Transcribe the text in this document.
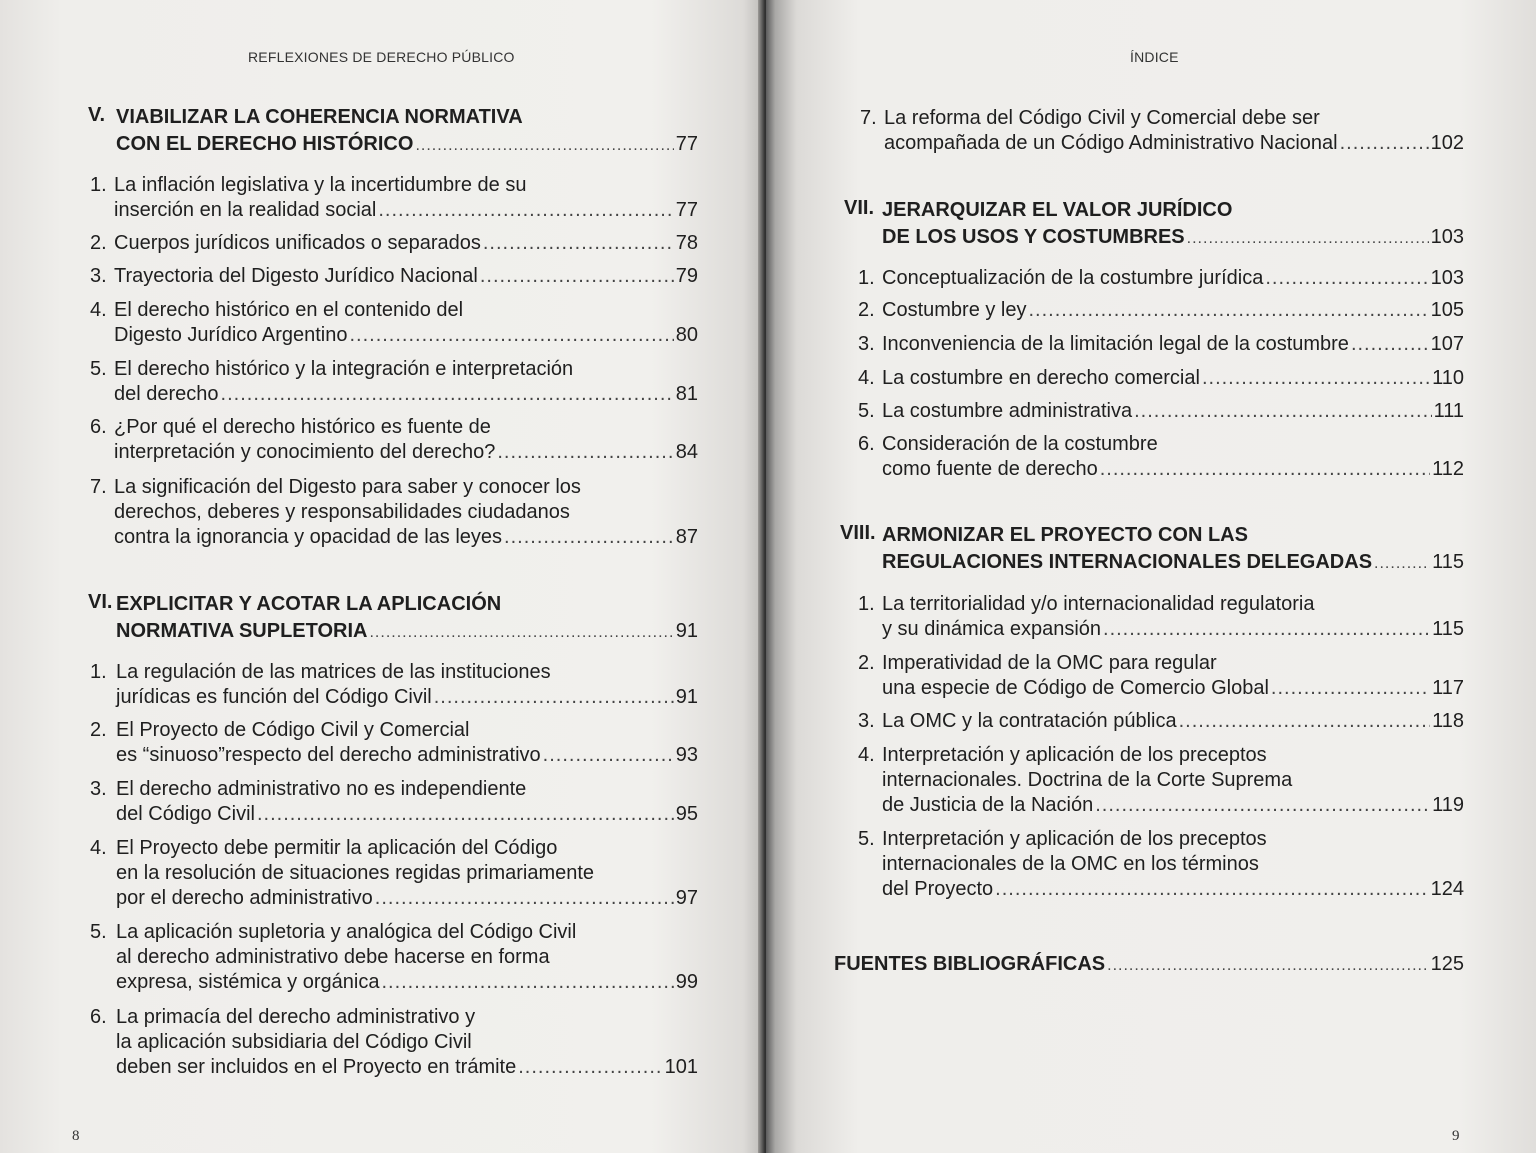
REFLEXIONES DE DERECHO PÚBLICO
V. VIABILIZAR LA COHERENCIA NORMATIVA
CON EL DERECHO HISTÓRICO .....	77
1. La inflación legislativa y la incertidumbre de su
inserción en la realidad social .....	77
2. Cuerpos jurídicos unificados o separados .....	78
3. Trayectoria del Digesto Jurídico Nacional .....	79
4. El derecho histórico en el contenido del
Digesto Jurídico Argentino .....	80
5. El derecho histórico y la integración e interpretación
del derecho .....	81
6. ¿Por qué el derecho histórico es fuente de
interpretación y conocimiento del derecho? .....	84
7. La significación del Digesto para saber y conocer los
derechos, deberes y responsabilidades ciudadanos
contra la ignorancia y opacidad de las leyes .....	87
VI. EXPLICITAR Y ACOTAR LA APLICACIÓN
NORMATIVA SUPLETORIA .....	91
1. La regulación de las matrices de las instituciones
jurídicas es función del Código Civil .....	91
2. El Proyecto de Código Civil y Comercial
es “sinuoso”respecto del derecho administrativo .....	93
3. El derecho administrativo no es independiente
del Código Civil .....	95
4. El Proyecto debe permitir la aplicación del Código
en la resolución de situaciones regidas primariamente
por el derecho administrativo .....	97
5. La aplicación supletoria y analógica del Código Civil
al derecho administrativo debe hacerse en forma
expresa, sistémica y orgánica .....	99
6. La primacía del derecho administrativo y
la aplicación subsidiaria del Código Civil
deben ser incluidos en el Proyecto en trámite .....	101
8
ÍNDICE
7. La reforma del Código Civil y Comercial debe ser
acompañada de un Código Administrativo Nacional .....	102
VII. JERARQUIZAR EL VALOR JURÍDICO
DE LOS USOS Y COSTUMBRES .....	103
1. Conceptualización de la costumbre jurídica .....	103
2. Costumbre y ley .....	105
3. Inconveniencia de la limitación legal de la costumbre .....	107
4. La costumbre en derecho comercial .....	110
5. La costumbre administrativa .....	111
6. Consideración de la costumbre
como fuente de derecho .....	112
VIII. ARMONIZAR EL PROYECTO CON LAS
REGULACIONES INTERNACIONALES DELEGADAS .....	115
1. La territorialidad y/o internacionalidad regulatoria
y su dinámica expansión .....	115
2. Imperatividad de la OMC para regular
una especie de Código de Comercio Global .....	117
3. La OMC y la contratación pública .....	118
4. Interpretación y aplicación de los preceptos
internacionales. Doctrina de la Corte Suprema
de Justicia de la Nación .....	119
5. Interpretación y aplicación de los preceptos
internacionales de la OMC en los términos
del Proyecto .....	124
FUENTES BIBLIOGRÁFICAS .....	125
9
